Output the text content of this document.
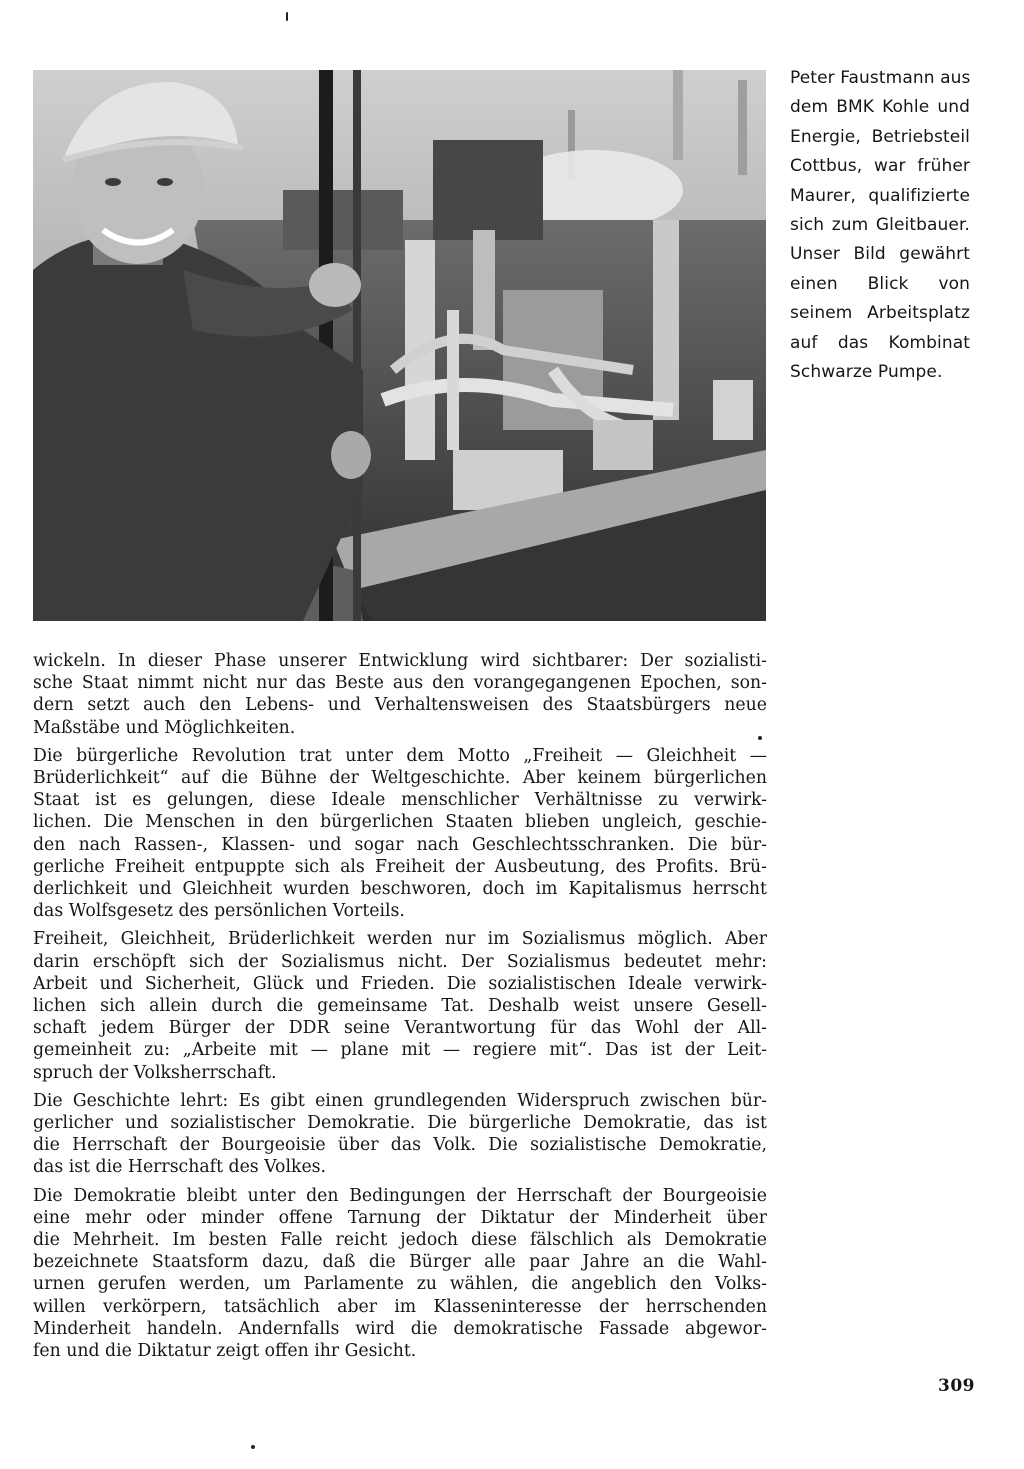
Peter Faustmann aus
dem BMK Kohle und
Energie, Betriebsteil
Cottbus, war früher
Maurer, qualifizierte
sich zum Gleitbauer.
Unser Bild gewährt
einen Blick von
seinem Arbeitsplatz
auf das Kombinat
Schwarze Pumpe.
wickeln. In dieser Phase unserer Entwicklung wird sichtbarer: Der sozialisti-
sche Staat nimmt nicht nur das Beste aus den vorangegangenen Epochen, son-
dern setzt auch den Lebens- und Verhaltensweisen des Staatsbürgers neue
Maßstäbe und Möglichkeiten.
Die bürgerliche Revolution trat unter dem Motto „Freiheit — Gleichheit —
Brüderlichkeit“ auf die Bühne der Weltgeschichte. Aber keinem bürgerlichen
Staat ist es gelungen, diese Ideale menschlicher Verhältnisse zu verwirk-
lichen. Die Menschen in den bürgerlichen Staaten blieben ungleich, geschie-
den nach Rassen-, Klassen- und sogar nach Geschlechtsschranken. Die bür-
gerliche Freiheit entpuppte sich als Freiheit der Ausbeutung, des Profits. Brü-
derlichkeit und Gleichheit wurden beschworen, doch im Kapitalismus herrscht
das Wolfsgesetz des persönlichen Vorteils.
Freiheit, Gleichheit, Brüderlichkeit werden nur im Sozialismus möglich. Aber
darin erschöpft sich der Sozialismus nicht. Der Sozialismus bedeutet mehr:
Arbeit und Sicherheit, Glück und Frieden. Die sozialistischen Ideale verwirk-
lichen sich allein durch die gemeinsame Tat. Deshalb weist unsere Gesell-
schaft jedem Bürger der DDR seine Verantwortung für das Wohl der All-
gemeinheit zu: „Arbeite mit — plane mit — regiere mit“. Das ist der Leit-
spruch der Volksherrschaft.
Die Geschichte lehrt: Es gibt einen grundlegenden Widerspruch zwischen bür-
gerlicher und sozialistischer Demokratie. Die bürgerliche Demokratie, das ist
die Herrschaft der Bourgeoisie über das Volk. Die sozialistische Demokratie,
das ist die Herrschaft des Volkes.
Die Demokratie bleibt unter den Bedingungen der Herrschaft der Bourgeoisie
eine mehr oder minder offene Tarnung der Diktatur der Minderheit über
die Mehrheit. Im besten Falle reicht jedoch diese fälschlich als Demokratie
bezeichnete Staatsform dazu, daß die Bürger alle paar Jahre an die Wahl-
urnen gerufen werden, um Parlamente zu wählen, die angeblich den Volks-
willen verkörpern, tatsächlich aber im Klasseninteresse der herrschenden
Minderheit handeln. Andernfalls wird die demokratische Fassade abgewor-
fen und die Diktatur zeigt offen ihr Gesicht.
309
